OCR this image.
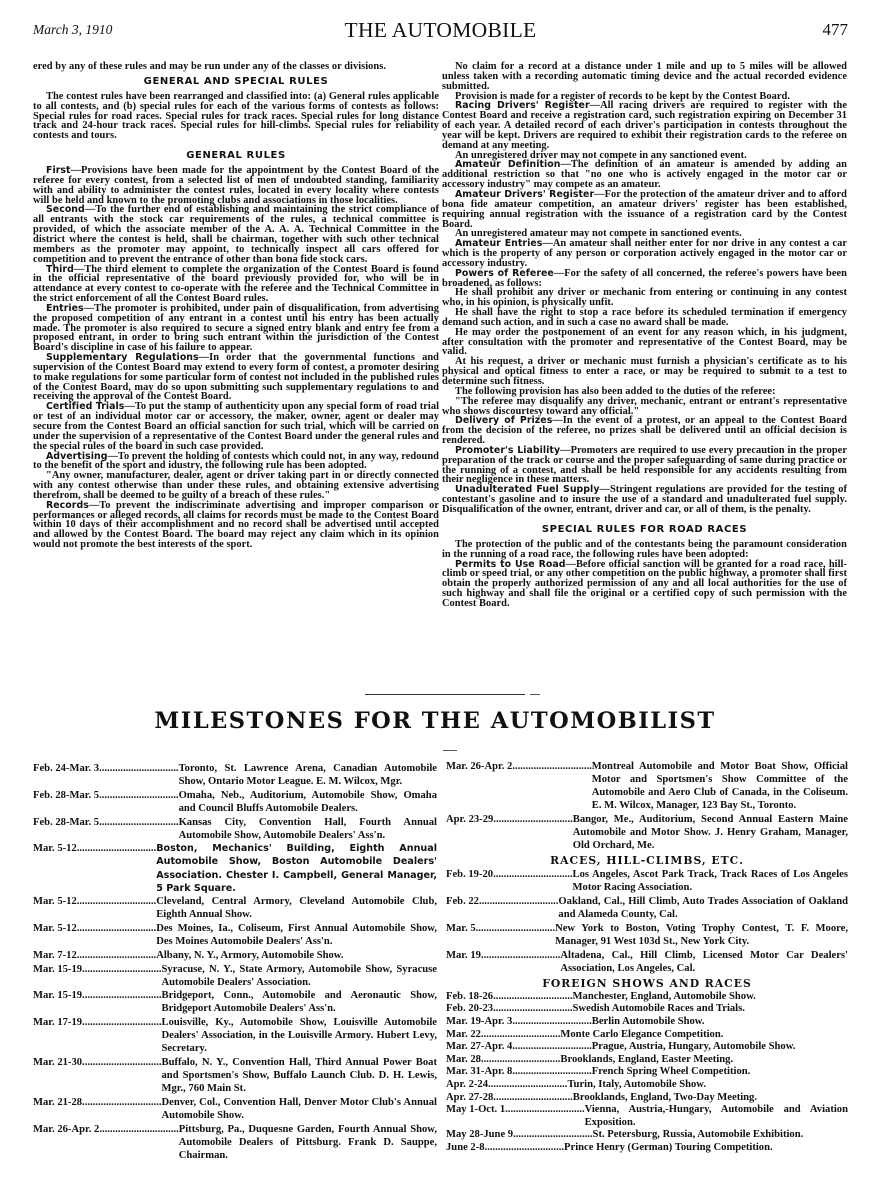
March 3, 1910	THE AUTOMOBILE	477

ered by any of these rules and may be run under any of the classes or divisions.

GENERAL AND SPECIAL RULES

The contest rules have been rearranged and classified into: (a) General rules applicable to all contests, and (b) special rules for each of the various forms of contests as follows: Special rules for road races. Special rules for track races. Special rules for long distance track and 24-hour track races. Special rules for hill-climbs. Special rules for reliability contests and tours.

GENERAL RULES

First—Provisions have been made for the appointment by the Contest Board of the referee for every contest, from a selected list of men of undoubted standing, familiarity with and ability to administer the contest rules, located in every locality where contests will be held and known to the promoting clubs and associations in those localities.

Second—To the further end of establishing and maintaining the strict compliance of all entrants with the stock car requirements of the rules, a technical committee is provided, of which the associate member of the A. A. A. Technical Committee in the district where the contest is held, shall be chairman, together with such other technical members as the promoter may appoint, to technically inspect all cars offered for competition and to prevent the entrance of other than bona fide stock cars.

Third—The third element to complete the organization of the Contest Board is found in the official representative of the board previously provided for, who will be in attendance at every contest to co-operate with the referee and the Technical Committee in the strict enforcement of all the Contest Board rules.

Entries—The promoter is prohibited, under pain of disqualification, from advertising the proposed competition of any entrant in a contest until his entry has been actually made. The promoter is also required to secure a signed entry blank and entry fee from a proposed entrant, in order to bring such entrant within the jurisdiction of the Contest Board's discipline in case of his failure to appear.

Supplementary Regulations—In order that the governmental functions and supervision of the Contest Board may extend to every form of contest, a promoter desiring to make regulations for some particular form of contest not included in the published rules of the Contest Board, may do so upon submitting such supplementary regulations to and receiving the approval of the Contest Board.

Certified Trials—To put the stamp of authenticity upon any special form of road trial or test of an individual motor car or accessory, the maker, owner, agent or dealer may secure from the Contest Board an official sanction for such trial, which will be carried on under the supervision of a representative of the Contest Board under the general rules and the special rules of the board in such case provided.

Advertising—To prevent the holding of contests which could not, in any way, redound to the benefit of the sport and idustry, the following rule has been adopted.

"Any owner, manufacturer, dealer, agent or driver taking part in or directly connected with any contest otherwise than under these rules, and obtaining extensive advertising therefrom, shall be deemed to be guilty of a breach of these rules."

Records—To prevent the indiscriminate advertising and improper comparison or performances or alleged records, all claims for records must be made to the Contest Board within 10 days of their accomplishment and no record shall be advertised until accepted and allowed by the Contest Board. The board may reject any claim which in its opinion would not promote the best interests of the sport.

No claim for a record at a distance under 1 mile and up to 5 miles will be allowed unless taken with a recording automatic timing device and the actual recorded evidence submitted.

Provision is made for a register of records to be kept by the Contest Board.

Racing Drivers' Register—All racing drivers are required to register with the Contest Board and receive a registration card, such registration expiring on December 31 of each year. A detailed record of each driver's participation in contests throughout the year will be kept. Drivers are required to exhibit their registration cards to the referee on demand at any meeting.

An unregistered driver may not compete in any sanctioned event.

Amateur Definition—The definition of an amateur is amended by adding an additional restriction so that "no one who is actively engaged in the motor car or accessory industry" may compete as an amateur.

Amateur Drivers' Register—For the protection of the amateur driver and to afford bona fide amateur competition, an amateur drivers' register has been established, requiring annual registration with the issuance of a registration card by the Contest Board.

An unregistered amateur may not compete in sanctioned events.

Amateur Entries—An amateur shall neither enter for nor drive in any contest a car which is the property of any person or corporation actively engaged in the motor car or accessory industry.

Powers of Referee—For the safety of all concerned, the referee's powers have been broadened, as follows:

He shall prohibit any driver or mechanic from entering or continuing in any contest who, in his opinion, is physically unfit.

He shall have the right to stop a race before its scheduled termination if emergency demand such action, and in such a case no award shall be made.

He may order the postponement of an event for any reason which, in his judgment, after consultation with the promoter and representative of the Contest Board, may be valid.

At his request, a driver or mechanic must furnish a physician's certificate as to his physical and optical fitness to enter a race, or may be required to submit to a test to determine such fitness.

The following provision has also been added to the duties of the referee:

"The referee may disqualify any driver, mechanic, entrant or entrant's representative who shows discourtesy toward any official."

Delivery of Prizes—In the event of a protest, or an appeal to the Contest Board from the decision of the referee, no prizes shall be delivered until an official decision is rendered.

Promoter's Liability—Promoters are required to use every precaution in the proper preparation of the track or course and the proper safeguarding of same during practice or the running of a contest, and shall be held responsible for any accidents resulting from their negligence in these matters.

Unadulterated Fuel Supply—Stringent regulations are provided for the testing of contestant's gasoline and to insure the use of a standard and unadulterated fuel supply. Disqualification of the owner, entrant, driver and car, or all of them, is the penalty.

SPECIAL RULES FOR ROAD RACES

The protection of the public and of the contestants being the paramount consideration in the running of a road race, the following rules have been adopted:

Permits to Use Road—Before official sanction will be granted for a road race, hill-climb or speed trial, or any other competition on the public highway, a promoter shall first obtain the properly authorized permission of any and all local authorities for the use of such highway and shall file the original or a certified copy of such permission with the Contest Board.

MILESTONES FOR THE AUTOMOBILIST
Feb. 24-Mar. 3.............................. Toronto, St. Lawrence Arena, Canadian Automobile Show, Ontario Motor League. E. M. Wilcox, Mgr.
Feb. 28-Mar. 5.............................. Omaha, Neb., Auditorium, Automobile Show, Omaha and Council Bluffs Automobile Dealers.
Feb. 28-Mar. 5.............................. Kansas City, Convention Hall, Fourth Annual Automobile Show, Automobile Dealers' Ass'n.
Mar. 5-12.............................. Boston, Mechanics' Building, Eighth Annual Automobile Show, Boston Automobile Dealers' Association. Chester I. Campbell, General Manager, 5 Park Square.
Mar. 5-12.............................. Cleveland, Central Armory, Cleveland Automobile Club, Eighth Annual Show.
Mar. 5-12.............................. Des Moines, Ia., Coliseum, First Annual Automobile Show, Des Moines Automobile Dealers' Ass'n.
Mar. 7-12.............................. Albany, N. Y., Armory, Automobile Show.
Mar. 15-19.............................. Syracuse, N. Y., State Armory, Automobile Show, Syracuse Automobile Dealers' Association.
Mar. 15-19.............................. Bridgeport, Conn., Automobile and Aeronautic Show, Bridgeport Automobile Dealers' Ass'n.
Mar. 17-19.............................. Louisville, Ky., Automobile Show, Louisville Automobile Dealers' Association, in the Louisville Armory. Hubert Levy, Secretary.
Mar. 21-30.............................. Buffalo, N. Y., Convention Hall, Third Annual Power Boat and Sportsmen's Show, Buffalo Launch Club. D. H. Lewis, Mgr., 760 Main St.
Mar. 21-28.............................. Denver, Col., Convention Hall, Denver Motor Club's Annual Automobile Show.
Mar. 26-Apr. 2.............................. Pittsburg, Pa., Duquesne Garden, Fourth Annual Show, Automobile Dealers of Pittsburg. Frank D. Sauppe, Chairman.
Mar. 26-Apr. 2.............................. Montreal Automobile and Motor Boat Show, Official Motor and Sportsmen's Show Committee of the Automobile and Aero Club of Canada, in the Coliseum. E. M. Wilcox, Manager, 123 Bay St., Toronto.
Apr. 23-29.............................. Bangor, Me., Auditorium, Second Annual Eastern Maine Automobile and Motor Show. J. Henry Graham, Manager, Old Orchard, Me.
RACES, HILL-CLIMBS, ETC.
Feb. 19-20.............................. Los Angeles, Ascot Park Track, Track Races of Los Angeles Motor Racing Association.
Feb. 22.............................. Oakland, Cal., Hill Climb, Auto Trades Association of Oakland and Alameda County, Cal.
Mar. 5.............................. New York to Boston, Voting Trophy Contest, T. F. Moore, Manager, 91 West 103d St., New York City.
Mar. 19.............................. Altadena, Cal., Hill Climb, Licensed Motor Car Dealers' Association, Los Angeles, Cal.
FOREIGN SHOWS AND RACES
Feb. 18-26.............................. Manchester, England, Automobile Show.
Feb. 20-23.............................. Swedish Automobile Races and Trials.
Mar. 19-Apr. 3.............................. Berlin Automobile Show.
Mar. 22.............................. Monte Carlo Elegance Competition.
Mar. 27-Apr. 4.............................. Prague, Austria, Hungary, Automobile Show.
Mar. 28.............................. Brooklands, England, Easter Meeting.
Mar. 31-Apr. 8.............................. French Spring Wheel Competition.
Apr. 2-24.............................. Turin, Italy, Automobile Show.
Apr. 27-28.............................. Brooklands, England, Two-Day Meeting.
May 1-Oct. 1.............................. Vienna, Austria,-Hungary, Automobile and Aviation Exposition.
May 28-June 9.............................. St. Petersburg, Russia, Automobile Exhibition.
June 2-8.............................. Prince Henry (German) Touring Competition.
